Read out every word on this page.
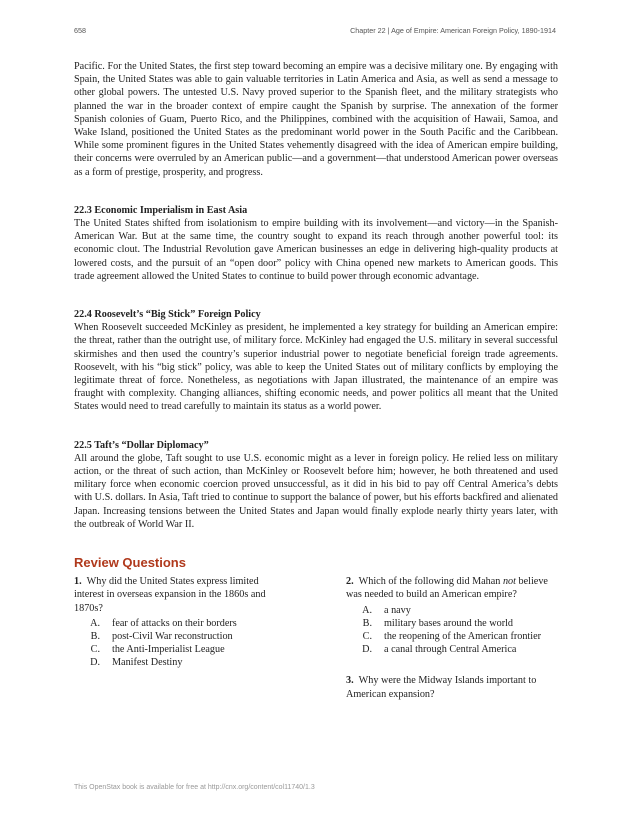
658	Chapter 22 | Age of Empire: American Foreign Policy, 1890-1914

Pacific. For the United States, the first step toward becoming an empire was a decisive military one. By engaging with Spain, the United States was able to gain valuable territories in Latin America and Asia, as well as send a message to other global powers. The untested U.S. Navy proved superior to the Spanish fleet, and the military strategists who planned the war in the broader context of empire caught the Spanish by surprise. The annexation of the former Spanish colonies of Guam, Puerto Rico, and the Philippines, combined with the acquisition of Hawaii, Samoa, and Wake Island, positioned the United States as the predominant world power in the South Pacific and the Caribbean. While some prominent figures in the United States vehemently disagreed with the idea of American empire building, their concerns were overruled by an American public—and a government—that understood American power overseas as a form of prestige, prosperity, and progress.

22.3 Economic Imperialism in East Asia

The United States shifted from isolationism to empire building with its involvement—and victory—in the Spanish-American War. But at the same time, the country sought to expand its reach through another powerful tool: its economic clout. The Industrial Revolution gave American businesses an edge in delivering high-quality products at lowered costs, and the pursuit of an “open door” policy with China opened new markets to American goods. This trade agreement allowed the United States to continue to build power through economic advantage.

22.4 Roosevelt’s “Big Stick” Foreign Policy

When Roosevelt succeeded McKinley as president, he implemented a key strategy for building an American empire: the threat, rather than the outright use, of military force. McKinley had engaged the U.S. military in several successful skirmishes and then used the country’s superior industrial power to negotiate beneficial foreign trade agreements. Roosevelt, with his “big stick” policy, was able to keep the United States out of military conflicts by employing the legitimate threat of force. Nonetheless, as negotiations with Japan illustrated, the maintenance of an empire was fraught with complexity. Changing alliances, shifting economic needs, and power politics all meant that the United States would need to tread carefully to maintain its status as a world power.

22.5 Taft’s “Dollar Diplomacy”

All around the globe, Taft sought to use U.S. economic might as a lever in foreign policy. He relied less on military action, or the threat of such action, than McKinley or Roosevelt before him; however, he both threatened and used military force when economic coercion proved unsuccessful, as it did in his bid to pay off Central America’s debts with U.S. dollars. In Asia, Taft tried to continue to support the balance of power, but his efforts backfired and alienated Japan. Increasing tensions between the United States and Japan would finally explode nearly thirty years later, with the outbreak of World War II.

Review Questions
1. Why did the United States express limited interest in overseas expansion in the 1860s and 1870s?
A.	fear of attacks on their borders
B.	post-Civil War reconstruction
C.	the Anti-Imperialist League
D.	Manifest Destiny
2. Which of the following did Mahan not believe was needed to build an American empire?
A.	a navy
B.	military bases around the world
C.	the reopening of the American frontier
D.	a canal through Central America
3. Why were the Midway Islands important to American expansion?
This OpenStax book is available for free at http://cnx.org/content/col11740/1.3
